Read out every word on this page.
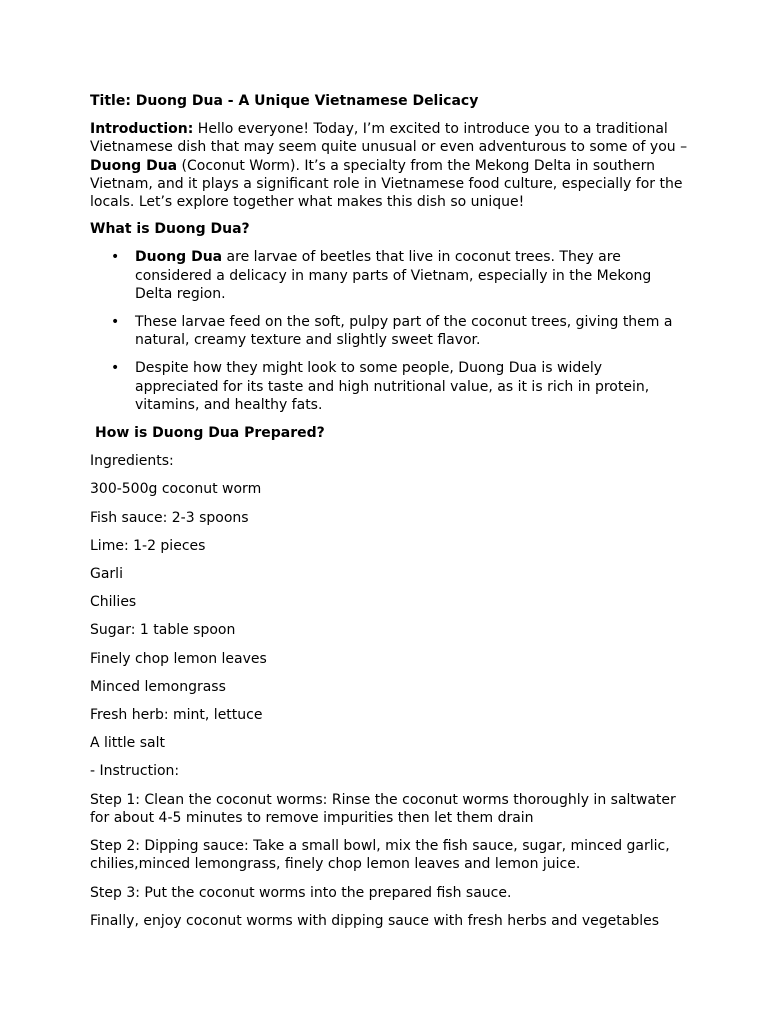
Title: Duong Dua - A Unique Vietnamese Delicacy

Introduction: Hello everyone! Today, I’m excited to introduce you to a traditional Vietnamese dish that may seem quite unusual or even adventurous to some of you – Duong Dua (Coconut Worm). It’s a specialty from the Mekong Delta in southern Vietnam, and it plays a significant role in Vietnamese food culture, especially for the locals. Let’s explore together what makes this dish so unique!

What is Duong Dua?

• Duong Dua are larvae of beetles that live in coconut trees. They are considered a delicacy in many parts of Vietnam, especially in the Mekong Delta region.
• These larvae feed on the soft, pulpy part of the coconut trees, giving them a natural, creamy texture and slightly sweet flavor.
• Despite how they might look to some people, Duong Dua is widely appreciated for its taste and high nutritional value, as it is rich in protein, vitamins, and healthy fats.

How is Duong Dua Prepared?

Ingredients:

300-500g coconut worm

Fish sauce: 2-3 spoons

Lime: 1-2 pieces

Garli

Chilies

Sugar: 1 table spoon

Finely chop lemon leaves

Minced lemongrass

Fresh herb: mint, lettuce

A little salt

- Instruction:

Step 1: Clean the coconut worms: Rinse the coconut worms thoroughly in saltwater for about 4-5 minutes to remove impurities then let them drain

Step 2: Dipping sauce: Take a small bowl, mix the fish sauce, sugar, minced garlic, chilies,minced lemongrass, finely chop lemon leaves and lemon juice.

Step 3: Put the coconut worms into the prepared fish sauce.

Finally, enjoy coconut worms with dipping sauce with fresh herbs and vegetables
